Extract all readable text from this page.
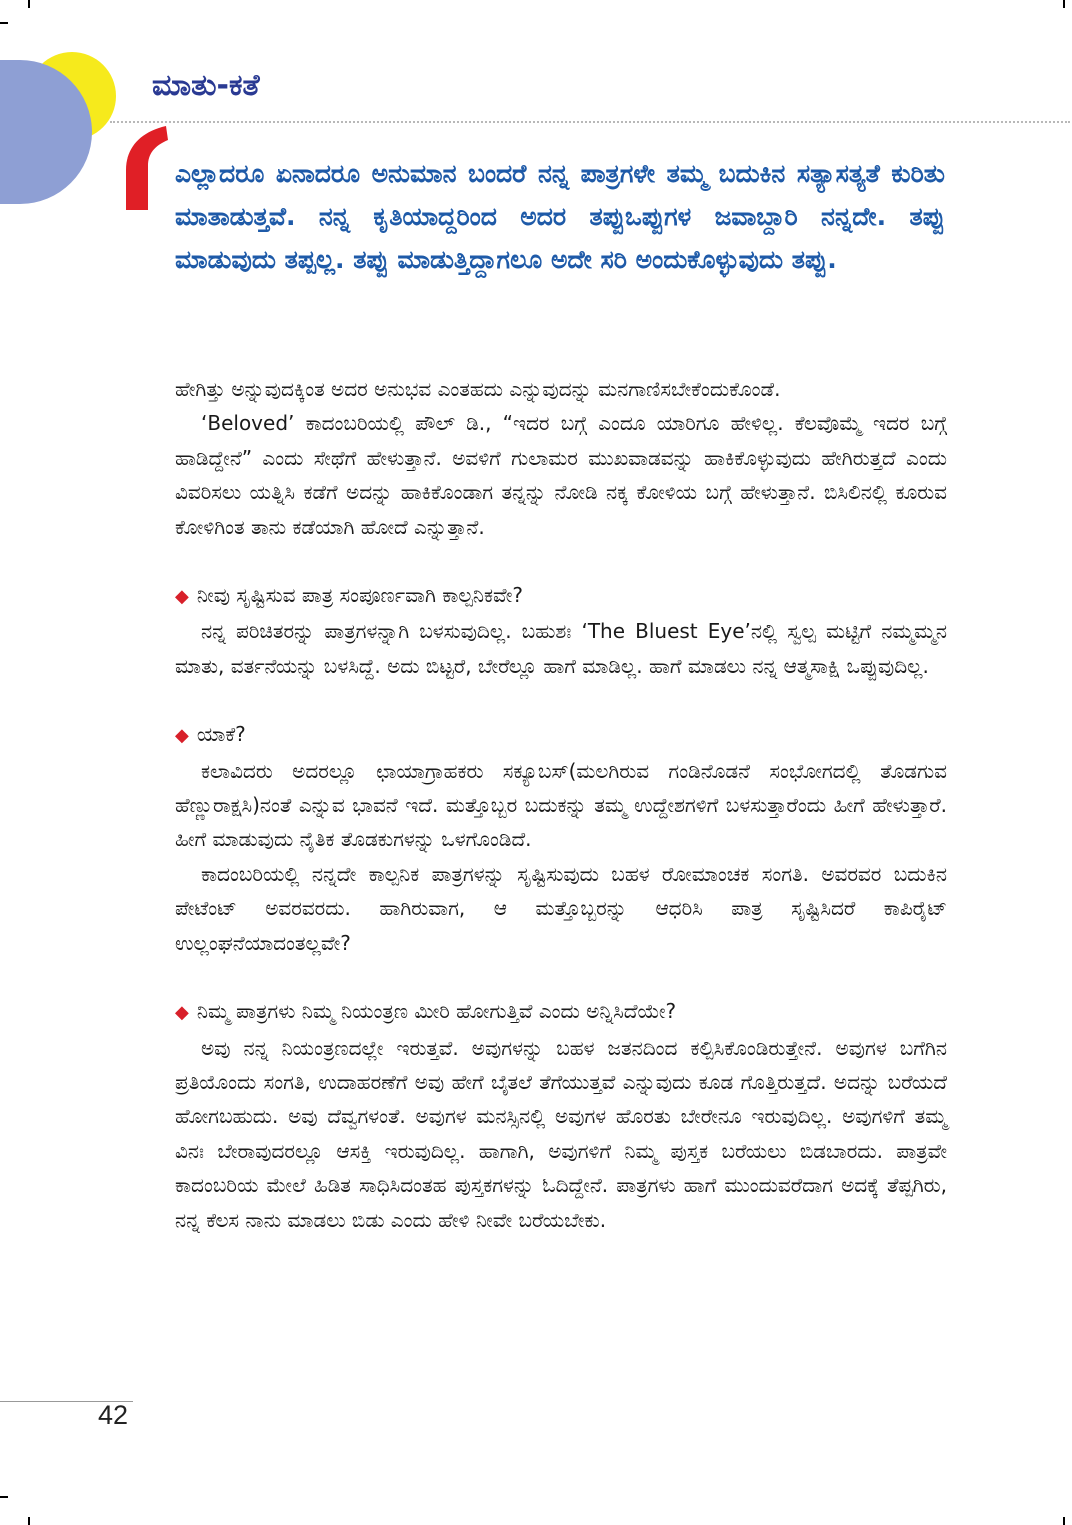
ಮಾತು-ಕತೆ

ಎಲ್ಲಾದರೂ ಏನಾದರೂ ಅನುಮಾನ ಬಂದರೆ ನನ್ನ ಪಾತ್ರಗಳೇ ತಮ್ಮ ಬದುಕಿನ ಸತ್ಯಾಸತ್ಯತೆ ಕುರಿತು ಮಾತಾಡುತ್ತವೆ. ನನ್ನ ಕೃತಿಯಾದ್ದರಿಂದ ಅದರ ತಪ್ಪುಒಪ್ಪುಗಳ ಜವಾಬ್ದಾರಿ ನನ್ನದೇ. ತಪ್ಪು ಮಾಡುವುದು ತಪ್ಪಲ್ಲ. ತಪ್ಪು ಮಾಡುತ್ತಿದ್ದಾಗಲೂ ಅದೇ ಸರಿ ಅಂದುಕೊಳ್ಳುವುದು ತಪ್ಪು.

ಹೇಗಿತ್ತು ಅನ್ನುವುದಕ್ಕಿಂತ ಅದರ ಅನುಭವ ಎಂತಹದು ಎನ್ನುವುದನ್ನು ಮನಗಾಣಿಸಬೇಕೆಂದುಕೊಂಡೆ.

‘Beloved’ ಕಾದಂಬರಿಯಲ್ಲಿ ಪೌಲ್ ಡಿ., “ಇದರ ಬಗ್ಗೆ ಎಂದೂ ಯಾರಿಗೂ ಹೇಳಿಲ್ಲ. ಕೆಲವೊಮ್ಮೆ ಇದರ ಬಗ್ಗೆ ಹಾಡಿದ್ದೇನೆ” ಎಂದು ಸೇಥೆಗೆ ಹೇಳುತ್ತಾನೆ. ಅವಳಿಗೆ ಗುಲಾಮರ ಮುಖವಾಡವನ್ನು ಹಾಕಿಕೊಳ್ಳುವುದು ಹೇಗಿರುತ್ತದೆ ಎಂದು ವಿವರಿಸಲು ಯತ್ನಿಸಿ ಕಡೆಗೆ ಅದನ್ನು ಹಾಕಿಕೊಂಡಾಗ ತನ್ನನ್ನು ನೋಡಿ ನಕ್ಕ ಕೋಳಿಯ ಬಗ್ಗೆ ಹೇಳುತ್ತಾನೆ. ಬಿಸಿಲಿನಲ್ಲಿ ಕೂರುವ ಕೋಳಿಗಿಂತ ತಾನು ಕಡೆಯಾಗಿ ಹೋದೆ ಎನ್ನುತ್ತಾನೆ.

◆ ನೀವು ಸೃಷ್ಟಿಸುವ ಪಾತ್ರ ಸಂಪೂರ್ಣವಾಗಿ ಕಾಲ್ಪನಿಕವೇ?

ನನ್ನ ಪರಿಚಿತರನ್ನು ಪಾತ್ರಗಳನ್ನಾಗಿ ಬಳಸುವುದಿಲ್ಲ. ಬಹುಶಃ ‘The Bluest Eye’ನಲ್ಲಿ ಸ್ವಲ್ಪ ಮಟ್ಟಿಗೆ ನಮ್ಮಮ್ಮನ ಮಾತು, ವರ್ತನೆಯನ್ನು ಬಳಸಿದ್ದೆ. ಅದು ಬಿಟ್ಟರೆ, ಬೇರೆಲ್ಲೂ ಹಾಗೆ ಮಾಡಿಲ್ಲ. ಹಾಗೆ ಮಾಡಲು ನನ್ನ ಆತ್ಮಸಾಕ್ಷಿ ಒಪ್ಪುವುದಿಲ್ಲ.

◆ ಯಾಕೆ?

ಕಲಾವಿದರು ಅದರಲ್ಲೂ ಛಾಯಾಗ್ರಾಹಕರು ಸಕ್ಯೂಬಸ್(ಮಲಗಿರುವ ಗಂಡಿನೊಡನೆ ಸಂಭೋಗದಲ್ಲಿ ತೊಡಗುವ ಹೆಣ್ಣುರಾಕ್ಷಸಿ)ನಂತೆ ಎನ್ನುವ ಭಾವನೆ ಇದೆ. ಮತ್ತೊಬ್ಬರ ಬದುಕನ್ನು ತಮ್ಮ ಉದ್ದೇಶಗಳಿಗೆ ಬಳಸುತ್ತಾರೆಂದು ಹೀಗೆ ಹೇಳುತ್ತಾರೆ. ಹೀಗೆ ಮಾಡುವುದು ನೈತಿಕ ತೊಡಕುಗಳನ್ನು ಒಳಗೊಂಡಿದೆ.

ಕಾದಂಬರಿಯಲ್ಲಿ ನನ್ನದೇ ಕಾಲ್ಪನಿಕ ಪಾತ್ರಗಳನ್ನು ಸೃಷ್ಟಿಸುವುದು ಬಹಳ ರೋಮಾಂಚಕ ಸಂಗತಿ. ಅವರವರ ಬದುಕಿನ ಪೇಟೆಂಟ್ ಅವರವರದು. ಹಾಗಿರುವಾಗ, ಆ ಮತ್ತೊಬ್ಬರನ್ನು ಆಧರಿಸಿ ಪಾತ್ರ ಸೃಷ್ಟಿಸಿದರೆ ಕಾಪಿರೈಟ್ ಉಲ್ಲಂಘನೆಯಾದಂತಲ್ಲವೇ?

◆ ನಿಮ್ಮ ಪಾತ್ರಗಳು ನಿಮ್ಮ ನಿಯಂತ್ರಣ ಮೀರಿ ಹೋಗುತ್ತಿವೆ ಎಂದು ಅನ್ನಿಸಿದೆಯೇ?

ಅವು ನನ್ನ ನಿಯಂತ್ರಣದಲ್ಲೇ ಇರುತ್ತವೆ. ಅವುಗಳನ್ನು ಬಹಳ ಜತನದಿಂದ ಕಲ್ಪಿಸಿಕೊಂಡಿರುತ್ತೇನೆ. ಅವುಗಳ ಬಗೆಗಿನ ಪ್ರತಿಯೊಂದು ಸಂಗತಿ, ಉದಾಹರಣೆಗೆ ಅವು ಹೇಗೆ ಬೈತಲೆ ತೆಗೆಯುತ್ತವೆ ಎನ್ನುವುದು ಕೂಡ ಗೊತ್ತಿರುತ್ತದೆ. ಅದನ್ನು ಬರೆಯದೆ ಹೋಗಬಹುದು. ಅವು ದೆವ್ವಗಳಂತೆ. ಅವುಗಳ ಮನಸ್ಸಿನಲ್ಲಿ ಅವುಗಳ ಹೊರತು ಬೇರೇನೂ ಇರುವುದಿಲ್ಲ. ಅವುಗಳಿಗೆ ತಮ್ಮ ವಿನಃ ಬೇರಾವುದರಲ್ಲೂ ಆಸಕ್ತಿ ಇರುವುದಿಲ್ಲ. ಹಾಗಾಗಿ, ಅವುಗಳಿಗೆ ನಿಮ್ಮ ಪುಸ್ತಕ ಬರೆಯಲು ಬಿಡಬಾರದು. ಪಾತ್ರವೇ ಕಾದಂಬರಿಯ ಮೇಲೆ ಹಿಡಿತ ಸಾಧಿಸಿದಂತಹ ಪುಸ್ತಕಗಳನ್ನು ಓದಿದ್ದೇನೆ. ಪಾತ್ರಗಳು ಹಾಗೆ ಮುಂದುವರೆದಾಗ ಅದಕ್ಕೆ ತೆಪ್ಪಗಿರು, ನನ್ನ ಕೆಲಸ ನಾನು ಮಾಡಲು ಬಿಡು ಎಂದು ಹೇಳಿ ನೀವೇ ಬರೆಯಬೇಕು.

42
